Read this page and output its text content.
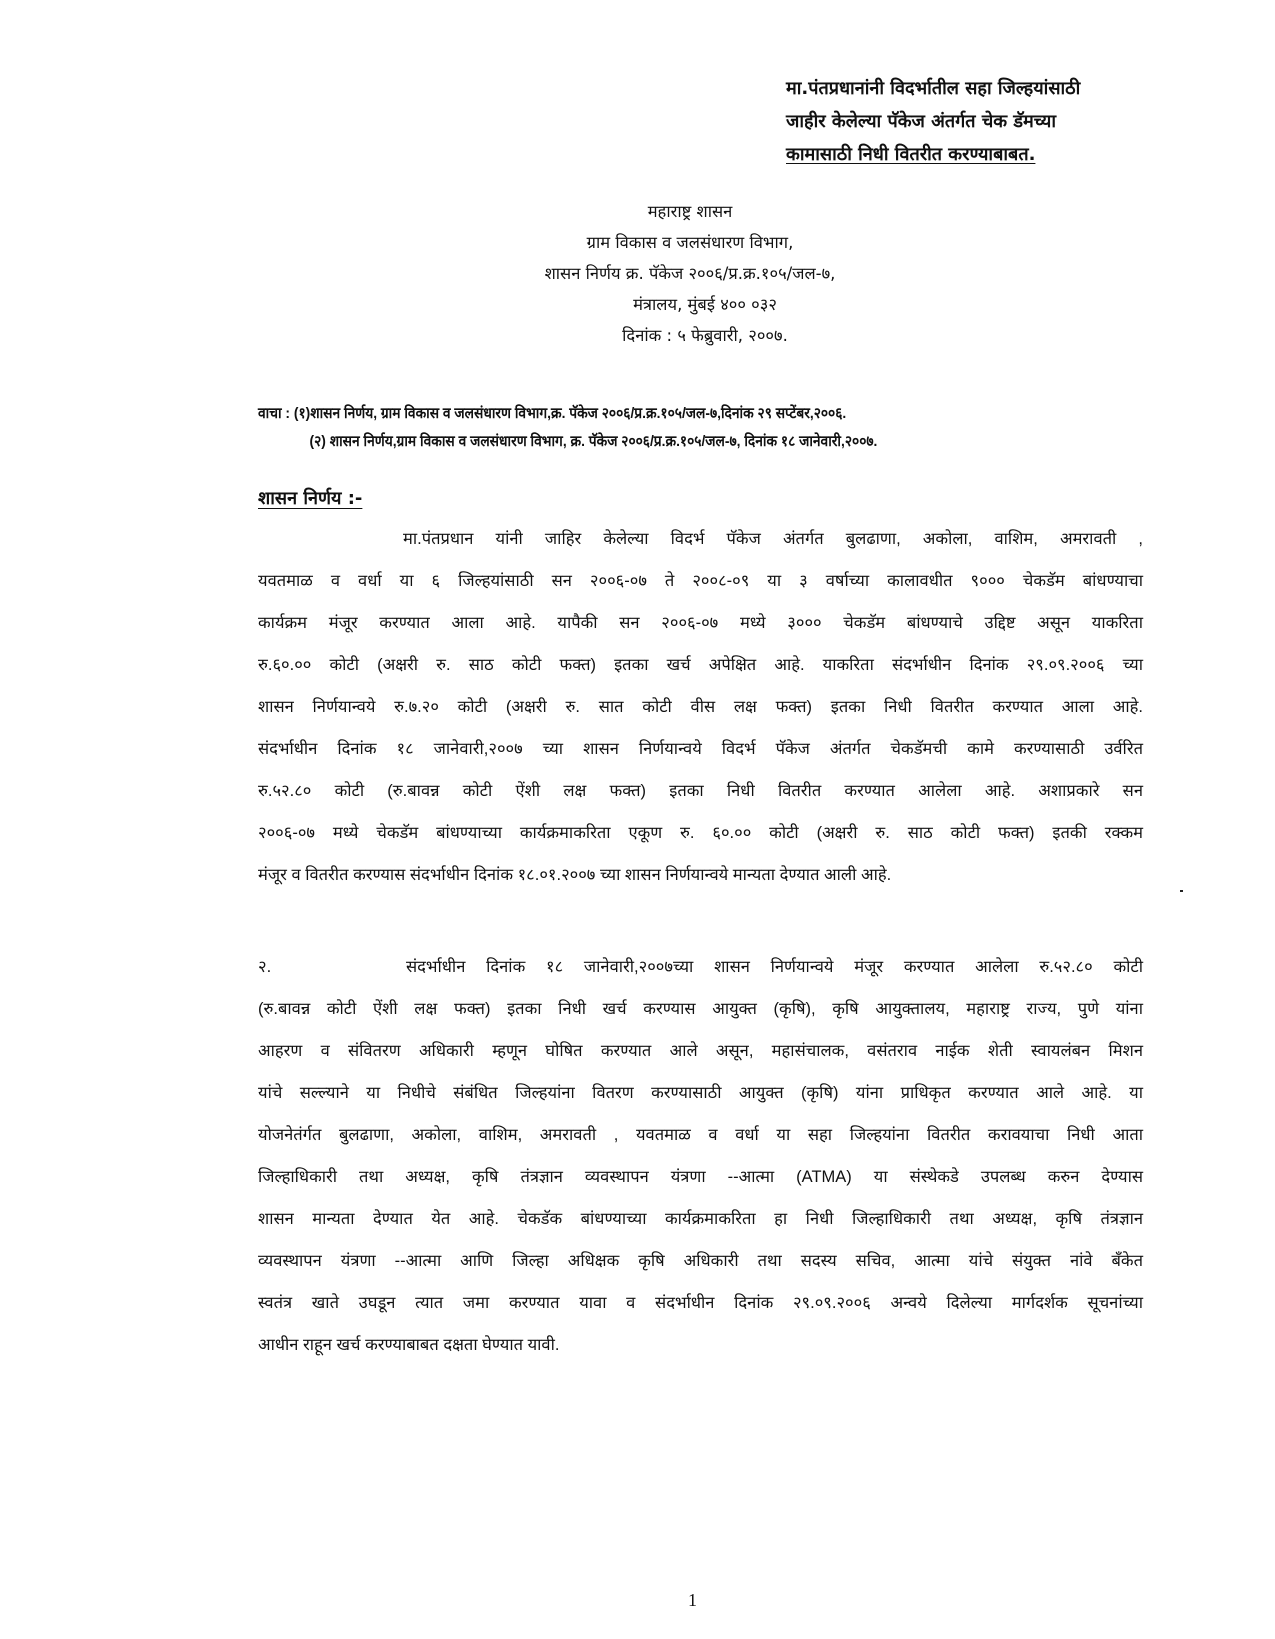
मा.पंतप्रधानांनी विदर्भातील सहा जिल्हयांसाठी
जाहीर केलेल्या पॅकेज अंतर्गत चेक डॅमच्या
कामासाठी निधी वितरीत करण्याबाबत.
महाराष्ट्र शासन
ग्राम विकास व जलसंधारण विभाग,
शासन निर्णय क्र. पॅकेज २००६/प्र.क्र.१०५/जल-७,
मंत्रालय, मुंबई ४०० ०३२
दिनांक : ५ फेब्रुवारी, २००७.
वाचा : (१)शासन निर्णय, ग्राम विकास व जलसंधारण विभाग,क्र. पॅकेज २००६/प्र.क्र.१०५/जल-७,दिनांक २९ सप्टेंबर,२००६.
(२) शासन निर्णय,ग्राम विकास व जलसंधारण विभाग, क्र. पॅकेज २००६/प्र.क्र.१०५/जल-७, दिनांक १८ जानेवारी,२००७.
शासन निर्णय :-
मा.पंतप्रधान यांनी जाहिर केलेल्या विदर्भ पॅकेज अंतर्गत बुलढाणा, अकोला, वाशिम, अमरावती ,
यवतमाळ व वर्धा या ६ जिल्हयांसाठी सन २००६-०७ ते २००८-०९ या ३ वर्षाच्या कालावधीत ९००० चेकडॅम बांधण्याचा
कार्यक्रम मंजूर करण्यात आला आहे. यापैकी सन २००६-०७ मध्ये ३००० चेकडॅम बांधण्याचे उद्दिष्ट असून याकरिता
रु.६०.०० कोटी (अक्षरी रु. साठ कोटी फक्त) इतका खर्च अपेक्षित आहे. याकरिता संदर्भाधीन दिनांक २९.०९.२००६ च्या
शासन निर्णयान्वये रु.७.२० कोटी (अक्षरी रु. सात कोटी वीस लक्ष फक्त) इतका निधी वितरीत करण्यात आला आहे.
संदर्भाधीन दिनांक १८ जानेवारी,२००७ च्या शासन निर्णयान्वये विदर्भ पॅकेज अंतर्गत चेकडॅमची कामे करण्यासाठी उर्वरित
रु.५२.८० कोटी (रु.बावन्न कोटी ऐंशी लक्ष फक्त) इतका निधी वितरीत करण्यात आलेला आहे. अशाप्रकारे सन
२००६-०७ मध्ये चेकडॅम बांधण्याच्या कार्यक्रमाकरिता एकूण रु. ६०.०० कोटी (अक्षरी रु. साठ कोटी फक्त) इतकी रक्कम
मंजूर व वितरीत करण्यास संदर्भाधीन दिनांक १८.०१.२००७ च्या शासन निर्णयान्वये मान्यता देण्यात आली आहे.
२.	संदर्भाधीन दिनांक १८ जानेवारी,२००७च्या शासन निर्णयान्वये मंजूर करण्यात आलेला रु.५२.८० कोटी
(रु.बावन्न कोटी ऐंशी लक्ष फक्त) इतका निधी खर्च करण्यास आयुक्त (कृषि), कृषि आयुक्तालय, महाराष्ट्र राज्य, पुणे यांना
आहरण व संवितरण अधिकारी म्हणून घोषित करण्यात आले असून, महासंचालक, वसंतराव नाईक शेती स्वायलंबन मिशन
यांचे सल्ल्याने या निधीचे संबंधित जिल्हयांना वितरण करण्यासाठी आयुक्त (कृषि) यांना प्राधिकृत करण्यात आले आहे. या
योजनेतंर्गत बुलढाणा, अकोला, वाशिम, अमरावती , यवतमाळ व वर्धा या सहा जिल्हयांना वितरीत करावयाचा निधी आता
जिल्हाधिकारी तथा अध्यक्ष, कृषि तंत्रज्ञान व्यवस्थापन यंत्रणा --आत्मा (ATMA) या संस्थेकडे उपलब्ध करुन देण्यास
शासन मान्यता देण्यात येत आहे. चेकडॅक बांधण्याच्या कार्यक्रमाकरिता हा निधी जिल्हाधिकारी तथा अध्यक्ष, कृषि तंत्रज्ञान
व्यवस्थापन यंत्रणा --आत्मा आणि जिल्हा अधिक्षक कृषि अधिकारी तथा सदस्य सचिव, आत्मा यांचे संयुक्त नांवे बँकेत
स्वतंत्र खाते उघडून त्यात जमा करण्यात यावा व संदर्भाधीन दिनांक २९.०९.२००६ अन्वये दिलेल्या मार्गदर्शक सूचनांच्या
आधीन राहून खर्च करण्याबाबत दक्षता घेण्यात यावी.
1
